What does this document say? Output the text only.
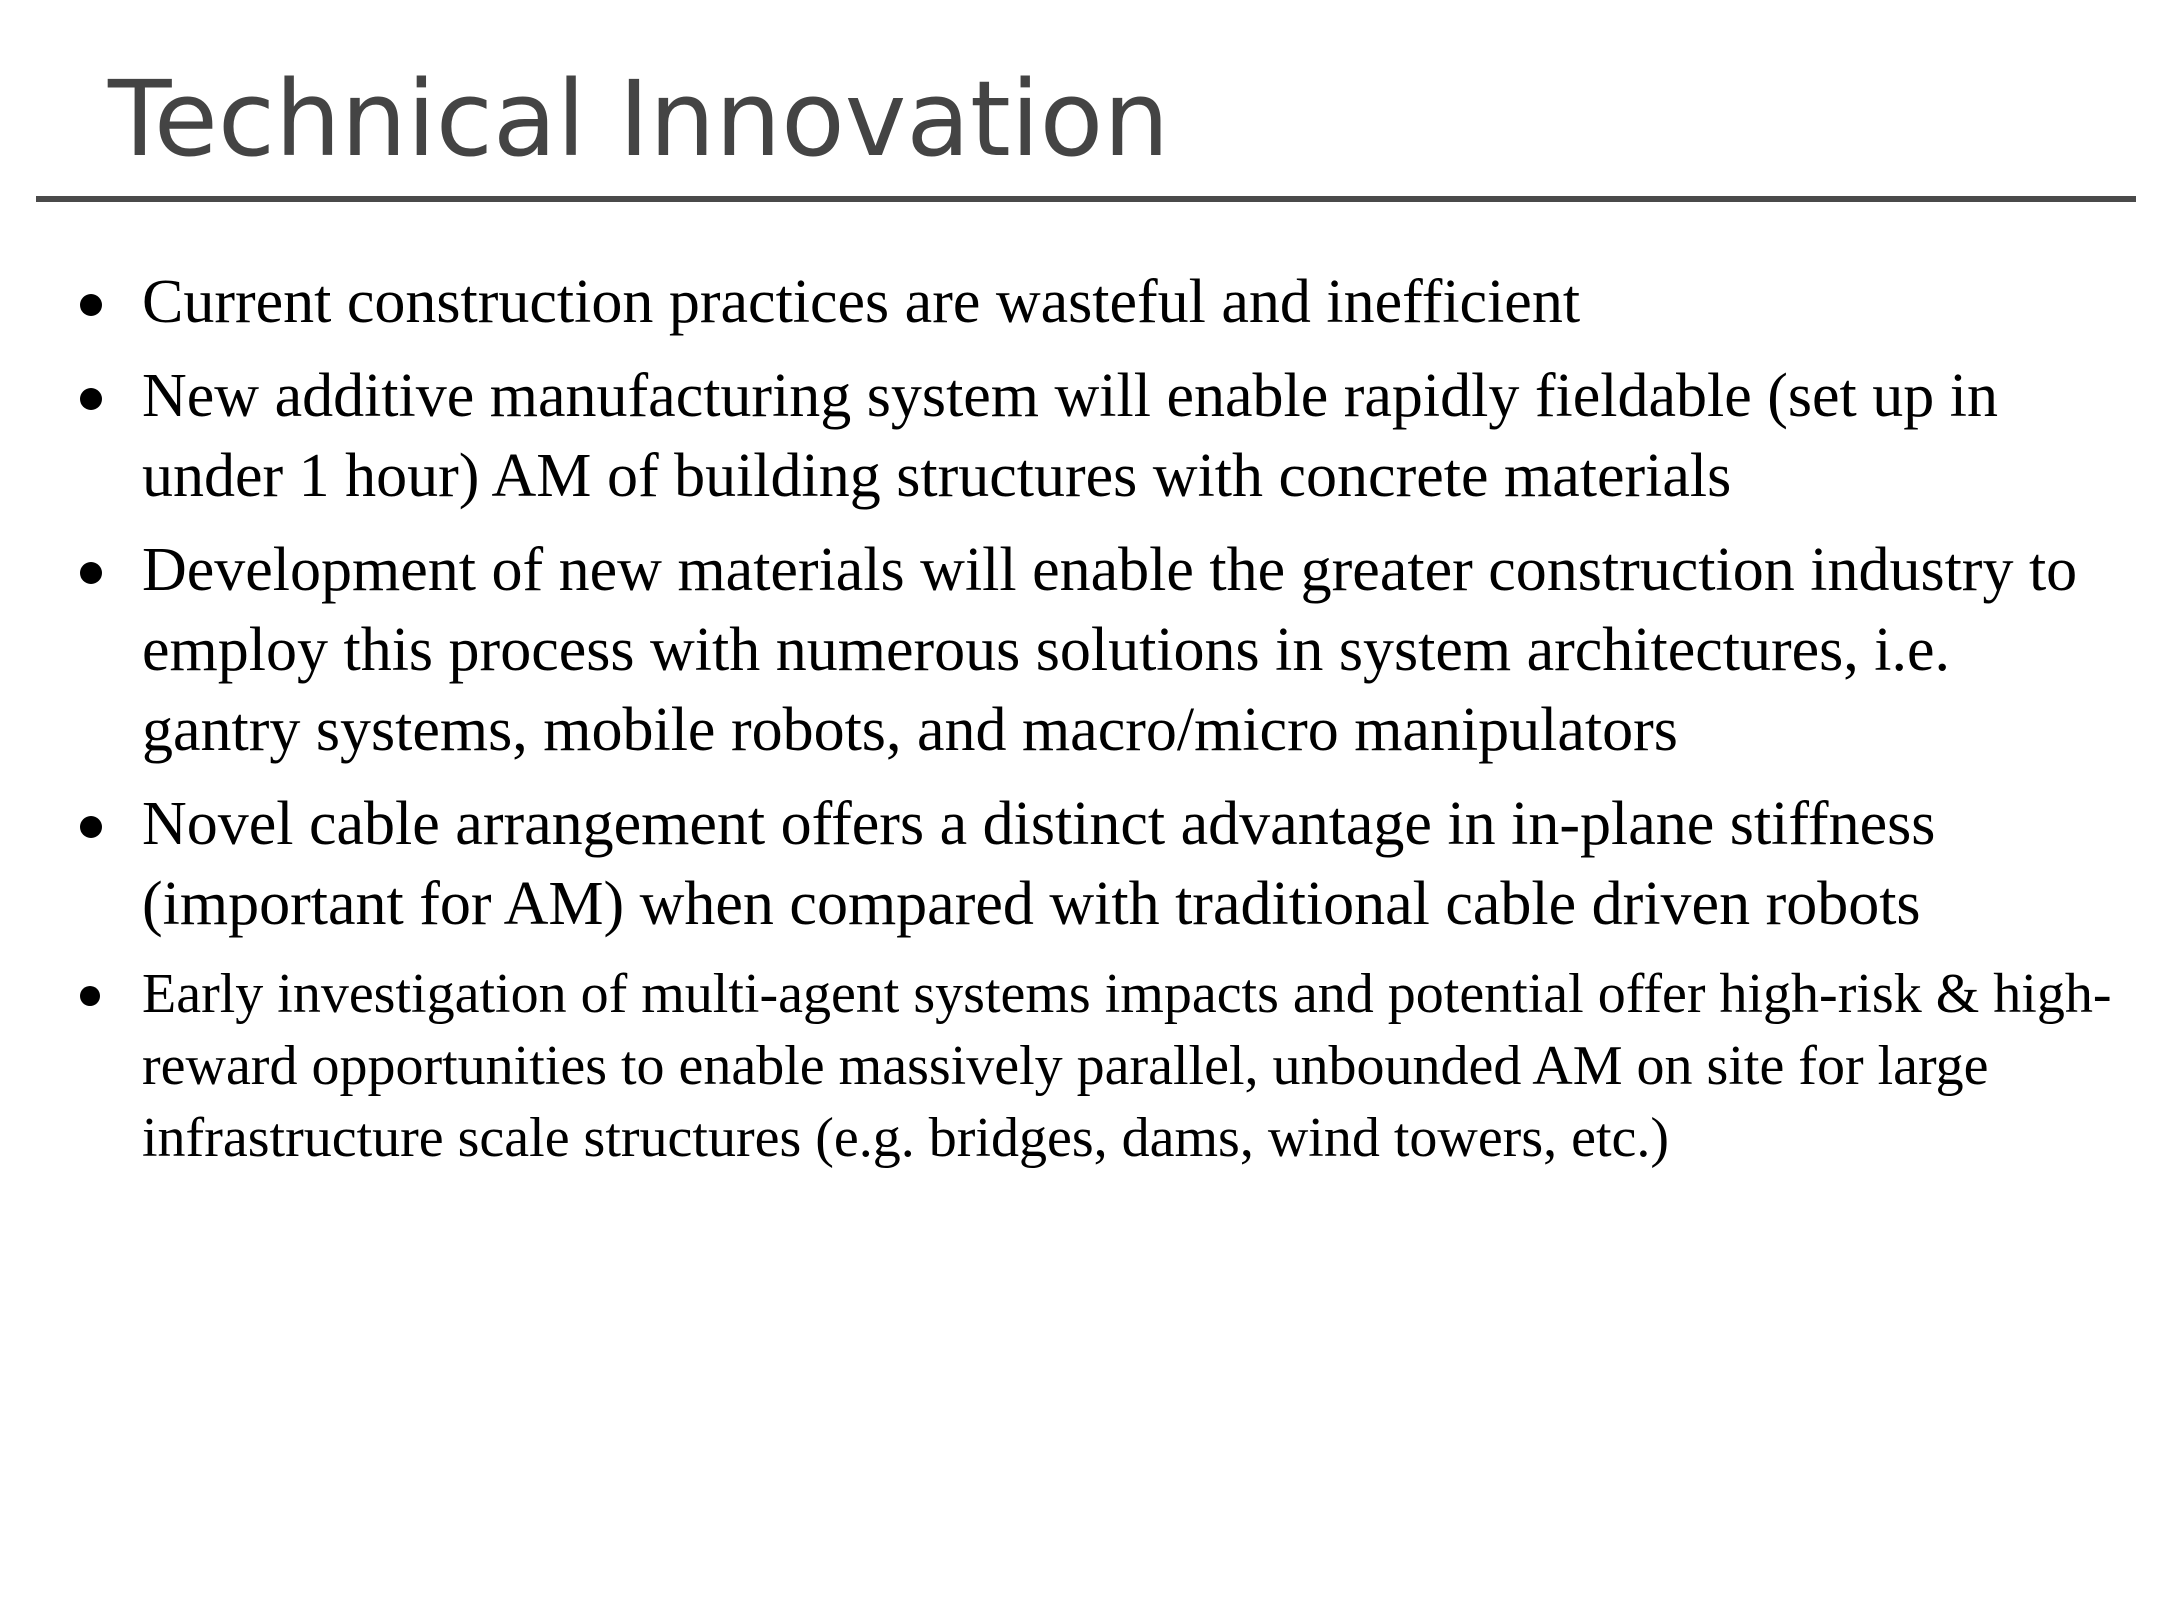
Technical Innovation
Current construction practices are wasteful and inefficient
New additive manufacturing system will enable rapidly fieldable (set up in under 1 hour) AM of building structures with concrete materials
Development of new materials will enable the greater construction industry to employ this process with numerous solutions in system architectures, i.e. gantry systems, mobile robots, and macro/micro manipulators
Novel cable arrangement offers a distinct advantage in in-plane stiffness (important for AM) when compared with traditional cable driven robots
Early investigation of multi-agent systems impacts and potential offer high-risk & high-reward opportunities to enable massively parallel, unbounded AM on site for large infrastructure scale structures (e.g. bridges, dams, wind towers, etc.)
